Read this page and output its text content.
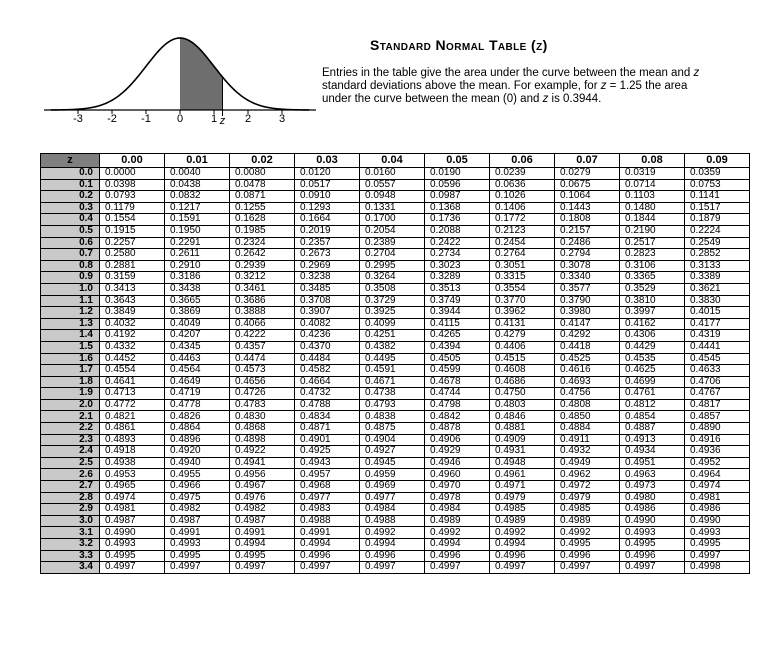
-3 -2 -1 0	1	2	3
z
Standard Normal Table (z)
Entries in the table give the area under the curve between the mean and z standard deviations above the mean. For example, for z = 1.25 the area under the curve between the mean (0) and z is 0.3944.
z	0.00	0.01	0.02	0.03	0.04	0.05	0.06	0.07	0.08	0.09
0.0	0.0000	0.0040	0.0080	0.0120	0.0160	0.0190	0.0239	0.0279	0.0319	0.0359
0.1	0.0398	0.0438	0.0478	0.0517	0.0557	0.0596	0.0636	0.0675	0.0714	0.0753
0.2	0.0793	0.0832	0.0871	0.0910	0.0948	0.0987	0.1026	0.1064	0.1103	0.1141
0.3	0.1179	0.1217	0.1255	0.1293	0.1331	0.1368	0.1406	0.1443	0.1480	0.1517
0.4	0.1554	0.1591	0.1628	0.1664	0.1700	0.1736	0.1772	0.1808	0.1844	0.1879
0.5	0.1915	0.1950	0.1985	0.2019	0.2054	0.2088	0.2123	0.2157	0.2190	0.2224
0.6	0.2257	0.2291	0.2324	0.2357	0.2389	0.2422	0.2454	0.2486	0.2517	0.2549
0.7	0.2580	0.2611	0.2642	0.2673	0.2704	0.2734	0.2764	0.2794	0.2823	0.2852
0.8	0.2881	0.2910	0.2939	0.2969	0.2995	0.3023	0.3051	0.3078	0.3106	0.3133
0.9	0.3159	0.3186	0.3212	0.3238	0.3264	0.3289	0.3315	0.3340	0.3365	0.3389
1.0	0.3413	0.3438	0.3461	0.3485	0.3508	0.3513	0.3554	0.3577	0.3529	0.3621
1.1	0.3643	0.3665	0.3686	0.3708	0.3729	0.3749	0.3770	0.3790	0.3810	0.3830
1.2	0.3849	0.3869	0.3888	0.3907	0.3925	0.3944	0.3962	0.3980	0.3997	0.4015
1.3	0.4032	0.4049	0.4066	0.4082	0.4099	0.4115	0.4131	0.4147	0.4162	0.4177
1.4	0.4192	0.4207	0.4222	0.4236	0.4251	0.4265	0.4279	0.4292	0.4306	0.4319
1.5	0.4332	0.4345	0.4357	0.4370	0.4382	0.4394	0.4406	0.4418	0.4429	0.4441
1.6	0.4452	0.4463	0.4474	0.4484	0.4495	0.4505	0.4515	0.4525	0.4535	0.4545
1.7	0.4554	0.4564	0.4573	0.4582	0.4591	0.4599	0.4608	0.4616	0.4625	0.4633
1.8	0.4641	0.4649	0.4656	0.4664	0.4671	0.4678	0.4686	0.4693	0.4699	0.4706
1.9	0.4713	0.4719	0.4726	0.4732	0.4738	0.4744	0.4750	0.4756	0.4761	0.4767
2.0	0.4772	0.4778	0.4783	0.4788	0.4793	0.4798	0.4803	0.4808	0.4812	0.4817
2.1	0.4821	0.4826	0.4830	0.4834	0.4838	0.4842	0.4846	0.4850	0.4854	0.4857
2.2	0.4861	0.4864	0.4868	0.4871	0.4875	0.4878	0.4881	0.4884	0.4887	0.4890
2.3	0.4893	0.4896	0.4898	0.4901	0.4904	0.4906	0.4909	0.4911	0.4913	0.4916
2.4	0.4918	0.4920	0.4922	0.4925	0.4927	0.4929	0.4931	0.4932	0.4934	0.4936
2.5	0.4938	0.4940	0.4941	0.4943	0.4945	0.4946	0.4948	0.4949	0.4951	0.4952
2.6	0.4953	0.4955	0.4956	0.4957	0.4959	0.4960	0.4961	0.4962	0.4963	0.4964
2.7	0.4965	0.4966	0.4967	0.4968	0.4969	0.4970	0.4971	0.4972	0.4973	0.4974
2.8	0.4974	0.4975	0.4976	0.4977	0.4977	0.4978	0.4979	0.4979	0.4980	0.4981
2.9	0.4981	0.4982	0.4982	0.4983	0.4984	0.4984	0.4985	0.4985	0.4986	0.4986
3.0	0.4987	0.4987	0.4987	0.4988	0.4988	0.4989	0.4989	0.4989	0.4990	0.4990
3.1	0.4990	0.4991	0.4991	0.4991	0.4992	0.4992	0.4992	0.4992	0.4993	0.4993
3.2	0.4993	0.4993	0.4994	0.4994	0.4994	0.4994	0.4994	0.4995	0.4995	0.4995
3.3	0.4995	0.4995	0.4995	0.4996	0.4996	0.4996	0.4996	0.4996	0.4996	0.4997
3.4	0.4997	0.4997	0.4997	0.4997	0.4997	0.4997	0.4997	0.4997	0.4997	0.4998
